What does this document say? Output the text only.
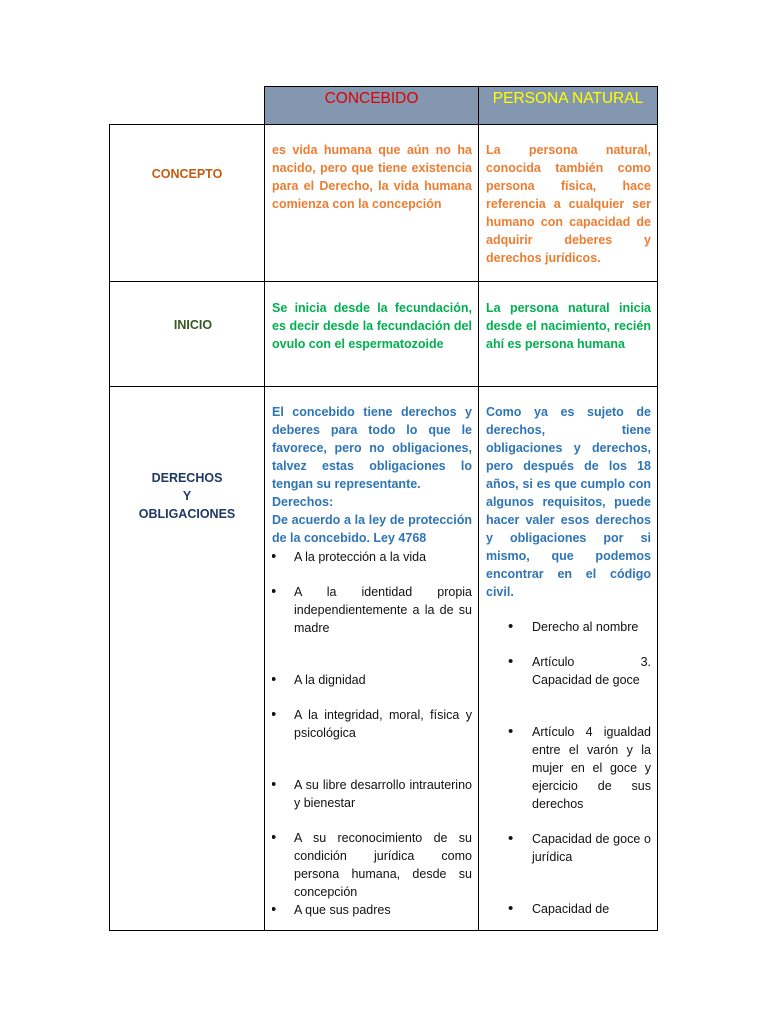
CONCEBIDO	PERSONA NATURAL
CONCEPTO
es vida humana que aún no ha nacido, pero que tiene existencia para el Derecho, la vida humana comienza con la concepción
La persona natural, conocida también como persona física, hace referencia a cualquier ser humano con capacidad de adquirir deberes y derechos jurídicos.
INICIO
Se inicia desde la fecundación, es decir desde la fecundación del ovulo con el espermatozoide
La persona natural inicia desde el nacimiento, recién ahí es persona humana
DERECHOS
Y
OBLIGACIONES
El concebido tiene derechos y deberes para todo lo que le favorece, pero no obligaciones, talvez estas obligaciones lo tengan su representante.
Derechos:
De acuerdo a la ley de protección de la concebido. Ley 4768
• A la protección a la vida
• A la identidad propia independientemente a la de su madre
• A la dignidad
• A la integridad, moral, física y psicológica
• A su libre desarrollo intrauterino y bienestar
• A su reconocimiento de su condición jurídica como persona humana, desde su concepción
• A que sus padres
Como ya es sujeto de derechos, tiene obligaciones y derechos, pero después de los 18 años, si es que cumplo con algunos requisitos, puede hacer valer esos derechos y obligaciones por si mismo, que podemos encontrar en el código civil.
• Derecho al nombre
• Artículo 3. Capacidad de goce
• Artículo 4 igualdad entre el varón y la mujer en el goce y ejercicio de sus derechos
• Capacidad de goce o jurídica
• Capacidad de
